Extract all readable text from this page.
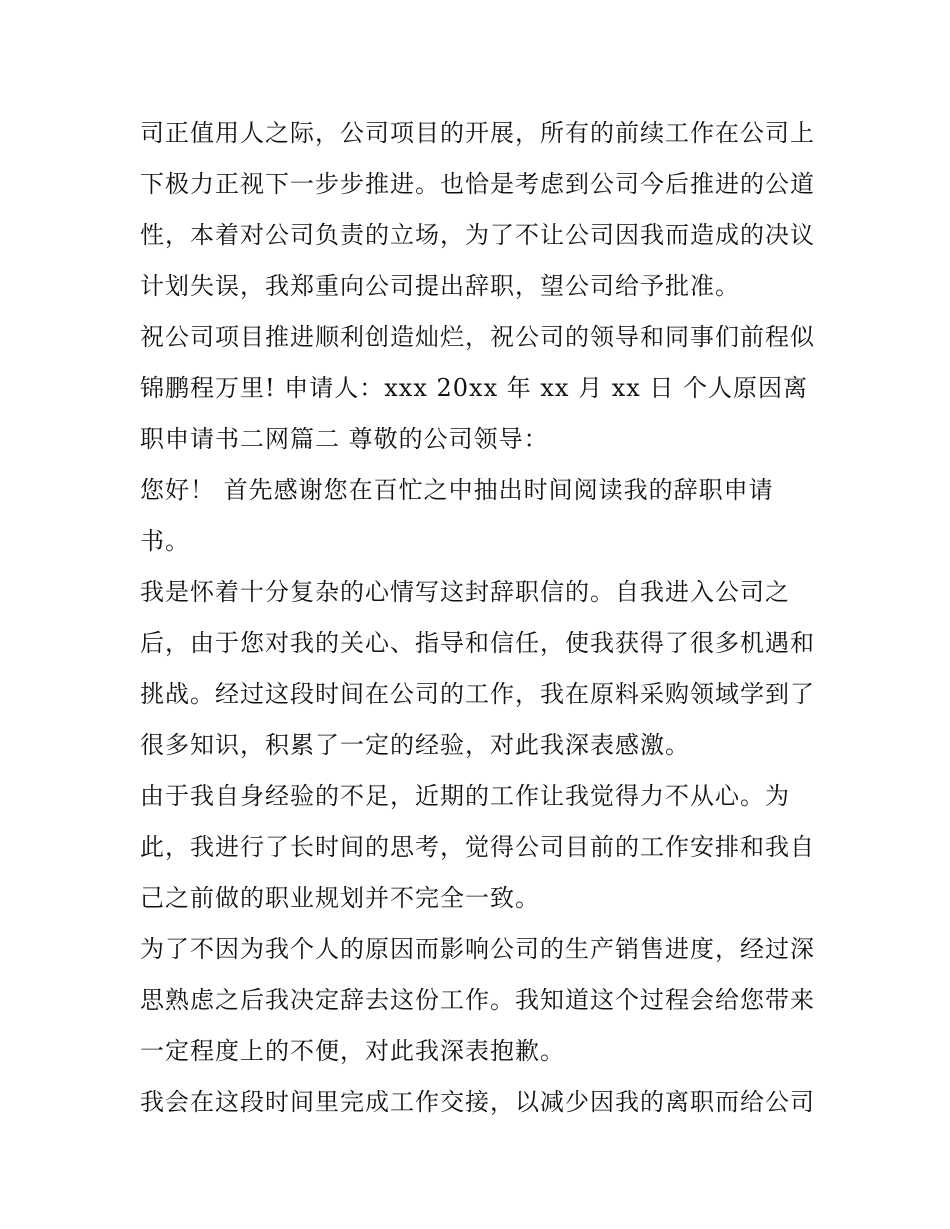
司正值用人之际，公司项目的开展，所有的前续工作在公司上下极力正视下一步步推进。也恰是考虑到公司今后推进的公道性，本着对公司负责的立场，为了不让公司因我而造成的决议计划失误，我郑重向公司提出辞职，望公司给予批准。

祝公司项目推进顺利创造灿烂，祝公司的领导和同事们前程似锦鹏程万里! 申请人：xxx 20xx 年 xx 月 xx 日 个人原因离职申请书二网篇二 尊敬的公司领导：

您好！ 首先感谢您在百忙之中抽出时间阅读我的辞职申请书。

我是怀着十分复杂的心情写这封辞职信的。自我进入公司之后，由于您对我的关心、指导和信任，使我获得了很多机遇和挑战。经过这段时间在公司的工作，我在原料采购领域学到了很多知识，积累了一定的经验，对此我深表感激。

由于我自身经验的不足，近期的工作让我觉得力不从心。为此，我进行了长时间的思考，觉得公司目前的工作安排和我自己之前做的职业规划并不完全一致。

为了不因为我个人的原因而影响公司的生产销售进度，经过深思熟虑之后我决定辞去这份工作。我知道这个过程会给您带来一定程度上的不便，对此我深表抱歉。

我会在这段时间里完成工作交接，以减少因我的离职而给公司
